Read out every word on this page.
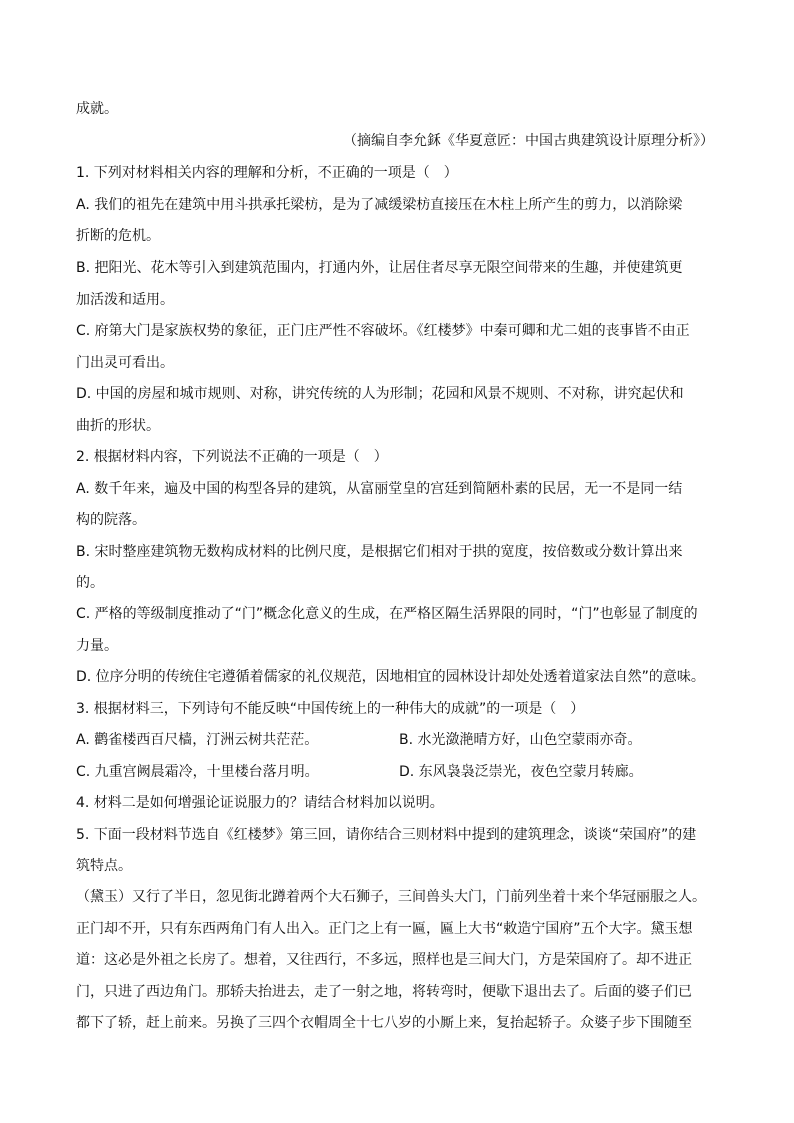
成就。
（摘编自李允鉌《华夏意匠：中国古典建筑设计原理分析》）
1. 下列对材料相关内容的理解和分析，不正确的一项是（　）
A. 我们的祖先在建筑中用斗拱承托梁枋，是为了减缓梁枋直接压在木柱上所产生的剪力，以消除梁
折断的危机。
B. 把阳光、花木等引入到建筑范围内，打通内外，让居住者尽享无限空间带来的生趣，并使建筑更
加活泼和适用。
C. 府第大门是家族权势的象征，正门庄严性不容破坏。《红楼梦》中秦可卿和尤二姐的丧事皆不由正
门出灵可看出。
D. 中国的房屋和城市规则、对称，讲究传统的人为形制；花园和风景不规则、不对称，讲究起伏和
曲折的形状。
2. 根据材料内容，下列说法不正确的一项是（　）
A. 数千年来，遍及中国的构型各异的建筑，从富丽堂皇的宫廷到简陋朴素的民居，无一不是同一结
构的院落。
B. 宋时整座建筑物无数构成材料的比例尺度，是根据它们相对于拱的宽度，按倍数或分数计算出来
的。
C. 严格的等级制度推动了“门”概念化意义的生成，在严格区隔生活界限的同时，“门”也彰显了制度的
力量。
D. 位序分明的传统住宅遵循着儒家的礼仪规范，因地相宜的园林设计却处处透着道家法自然”的意味。
3. 根据材料三，下列诗句不能反映“中国传统上的一种伟大的成就”的一项是（　）
A. 鹳雀楼西百尺樯，汀洲云树共茫茫。	B. 水光潋滟晴方好，山色空蒙雨亦奇。
C. 九重宫阙晨霜冷，十里楼台落月明。	D. 东风袅袅泛崇光，夜色空蒙月转廊。
4. 材料二是如何增强论证说服力的？请结合材料加以说明。
5. 下面一段材料节选自《红楼梦》第三回，请你结合三则材料中提到的建筑理念，谈谈“荣国府”的建
筑特点。
（黛玉）又行了半日，忽见街北蹲着两个大石狮子，三间兽头大门，门前列坐着十来个华冠丽服之人。
正门却不开，只有东西两角门有人出入。正门之上有一匾，匾上大书“敕造宁国府”五个大字。黛玉想
道：这必是外祖之长房了。想着，又往西行，不多远，照样也是三间大门，方是荣国府了。却不进正
门，只进了西边角门。那轿夫抬进去，走了一射之地，将转弯时，便歇下退出去了。后面的婆子们已
都下了轿，赶上前来。另换了三四个衣帽周全十七八岁的小厮上来，复抬起轿子。众婆子步下围随至
